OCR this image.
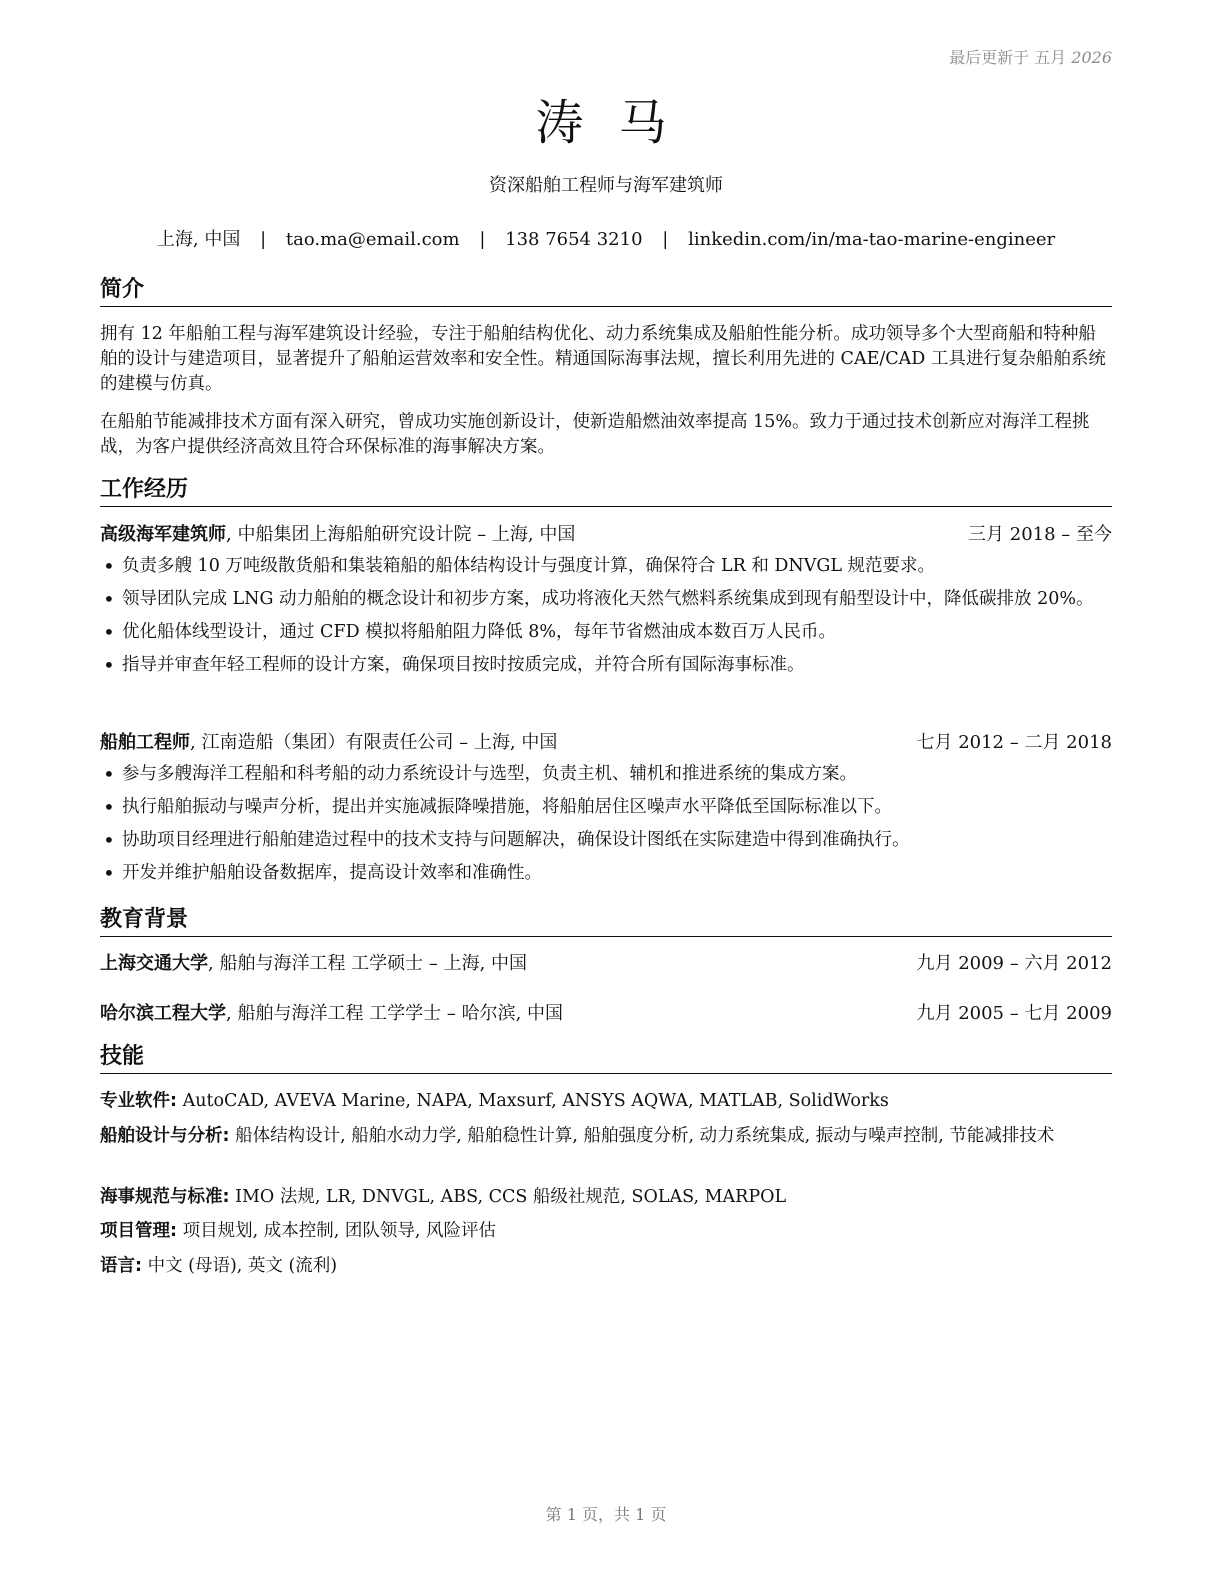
最后更新于 五月 2026
涛 马
资深船舶工程师与海军建筑师
上海, 中国 | tao.ma@email.com | 138 7654 3210 | linkedin.com/in/ma-tao-marine-engineer
简介
拥有 12 年船舶工程与海军建筑设计经验，专注于船舶结构优化、动力系统集成及船舶性能分析。成功领导多个大型商船和特种船舶的设计与建造项目，显著提升了船舶运营效率和安全性。精通国际海事法规，擅长利用先进的 CAE/CAD 工具进行复杂船舶系统的建模与仿真。
在船舶节能减排技术方面有深入研究，曾成功实施创新设计，使新造船燃油效率提高 15%。致力于通过技术创新应对海洋工程挑战，为客户提供经济高效且符合环保标准的海事解决方案。
工作经历
高级海军建筑师, 中船集团上海船舶研究设计院 – 上海, 中国	三月 2018 – 至今
• 负责多艘 10 万吨级散货船和集装箱船的船体结构设计与强度计算，确保符合 LR 和 DNVGL 规范要求。
• 领导团队完成 LNG 动力船舶的概念设计和初步方案，成功将液化天然气燃料系统集成到现有船型设计中，降低碳排放 20%。
• 优化船体线型设计，通过 CFD 模拟将船舶阻力降低 8%，每年节省燃油成本数百万人民币。
• 指导并审查年轻工程师的设计方案，确保项目按时按质完成，并符合所有国际海事标准。
船舶工程师, 江南造船（集团）有限责任公司 – 上海, 中国	七月 2012 – 二月 2018
• 参与多艘海洋工程船和科考船的动力系统设计与选型，负责主机、辅机和推进系统的集成方案。
• 执行船舶振动与噪声分析，提出并实施减振降噪措施，将船舶居住区噪声水平降低至国际标准以下。
• 协助项目经理进行船舶建造过程中的技术支持与问题解决，确保设计图纸在实际建造中得到准确执行。
• 开发并维护船舶设备数据库，提高设计效率和准确性。
教育背景
上海交通大学, 船舶与海洋工程 工学硕士 – 上海, 中国	九月 2009 – 六月 2012
哈尔滨工程大学, 船舶与海洋工程 工学学士 – 哈尔滨, 中国	九月 2005 – 七月 2009
技能
专业软件: AutoCAD, AVEVA Marine, NAPA, Maxsurf, ANSYS AQWA, MATLAB, SolidWorks
船舶设计与分析: 船体结构设计, 船舶水动力学, 船舶稳性计算, 船舶强度分析, 动力系统集成, 振动与噪声控制, 节能减排技术
海事规范与标准: IMO 法规, LR, DNVGL, ABS, CCS 船级社规范, SOLAS, MARPOL
项目管理: 项目规划, 成本控制, 团队领导, 风险评估
语言: 中文 (母语), 英文 (流利)
第 1 页，共 1 页
